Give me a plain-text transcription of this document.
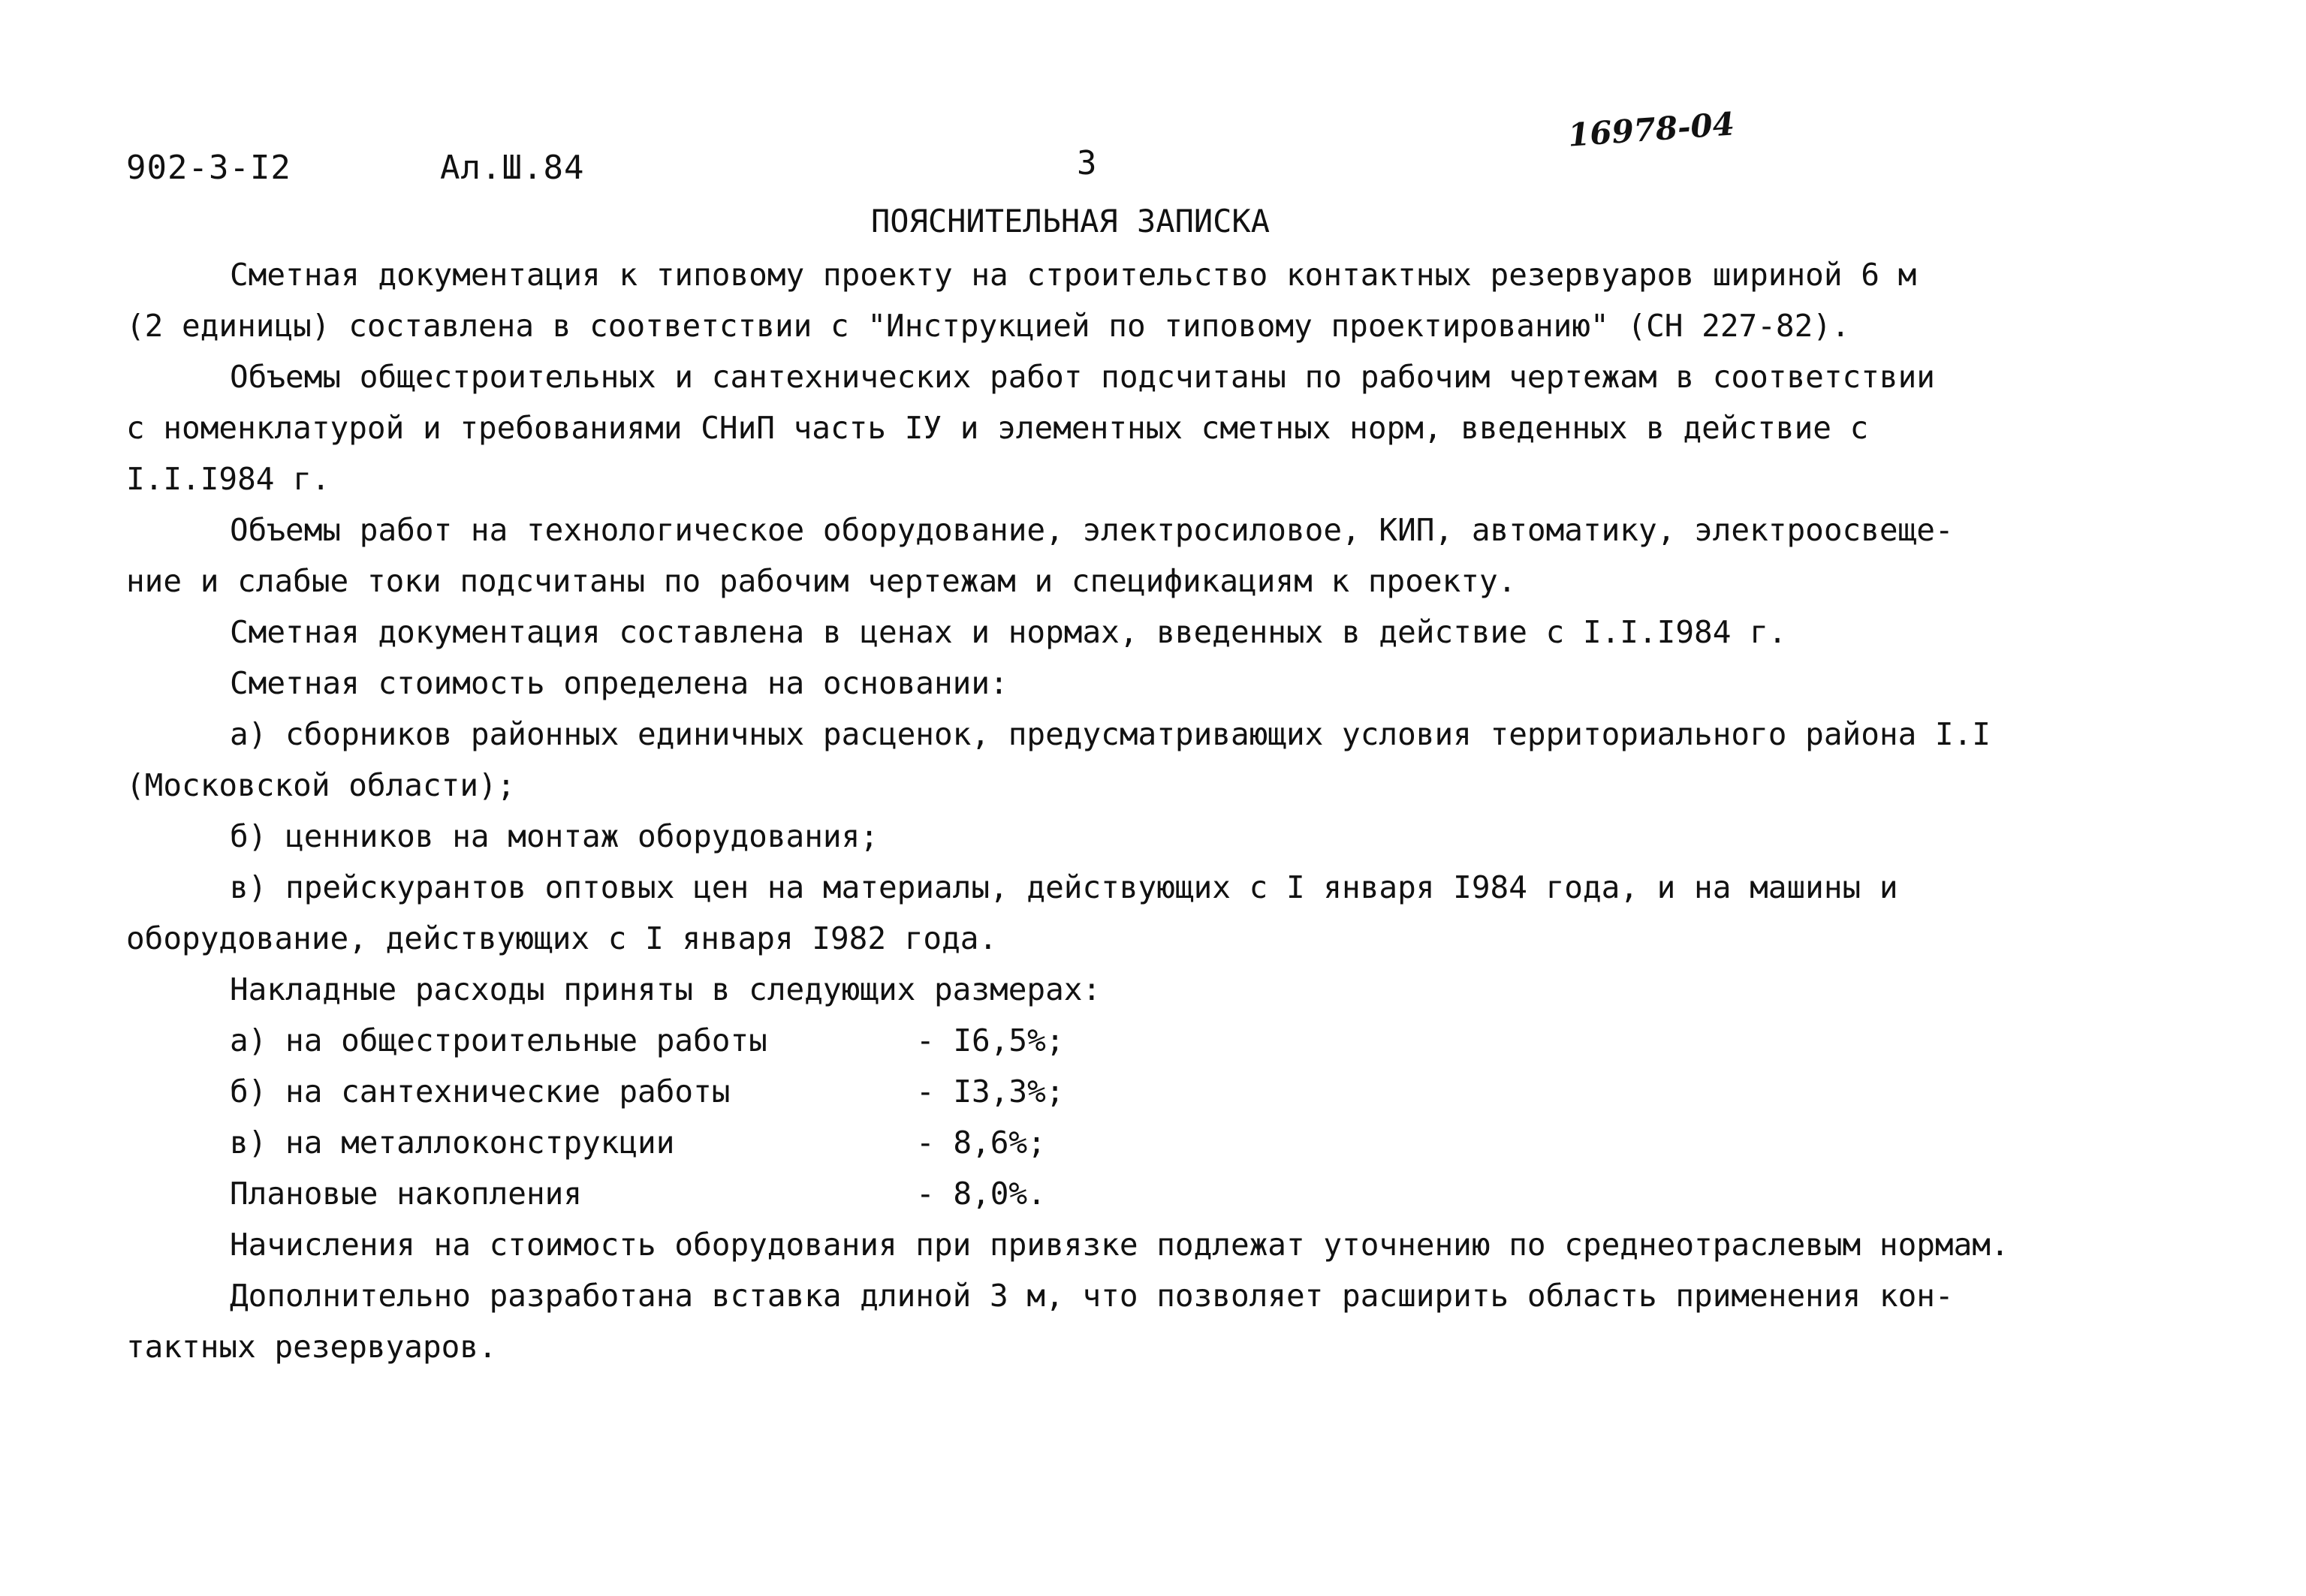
902-3-I2	Ал.Ш.84	3
16978-04
ПОЯСНИТЕЛЬНАЯ ЗАПИСКА
Сметная документация к типовому проекту на строительство контактных резервуаров шириной 6 м
(2 единицы) составлена в соответствии с "Инструкцией по типовому проектированию" (СН 227-82).
Объемы общестроительных и сантехнических работ подсчитаны по рабочим чертежам в соответствии
с номенклатурой и требованиями СНиП часть IУ и элементных сметных норм, введенных в действие с
I.I.I984 г.
Объемы работ на технологическое оборудование, электросиловое, КИП, автоматику, электроосвеще-
ние и слабые токи подсчитаны по рабочим чертежам и спецификациям к проекту.
Сметная документация составлена в ценах и нормах, введенных в действие с I.I.I984 г.
Сметная стоимость определена на основании:
а) сборников районных единичных расценок, предусматривающих условия территориального района I.I
(Московской области);
б) ценников на монтаж оборудования;
в) прейскурантов оптовых цен на материалы, действующих с I января I984 года, и на машины и
оборудование, действующих с I января I982 года.
Накладные расходы приняты в следующих размерах:
а) на общестроительные работы	- I6,5%;
б) на сантехнические работы	- I3,3%;
в) на металлоконструкции	- 8,6%;
Плановые накопления	- 8,0%.
Начисления на стоимость оборудования при привязке подлежат уточнению по среднеотраслевым нормам.
Дополнительно разработана вставка длиной 3 м, что позволяет расширить область применения кон-
тактных резервуаров.
